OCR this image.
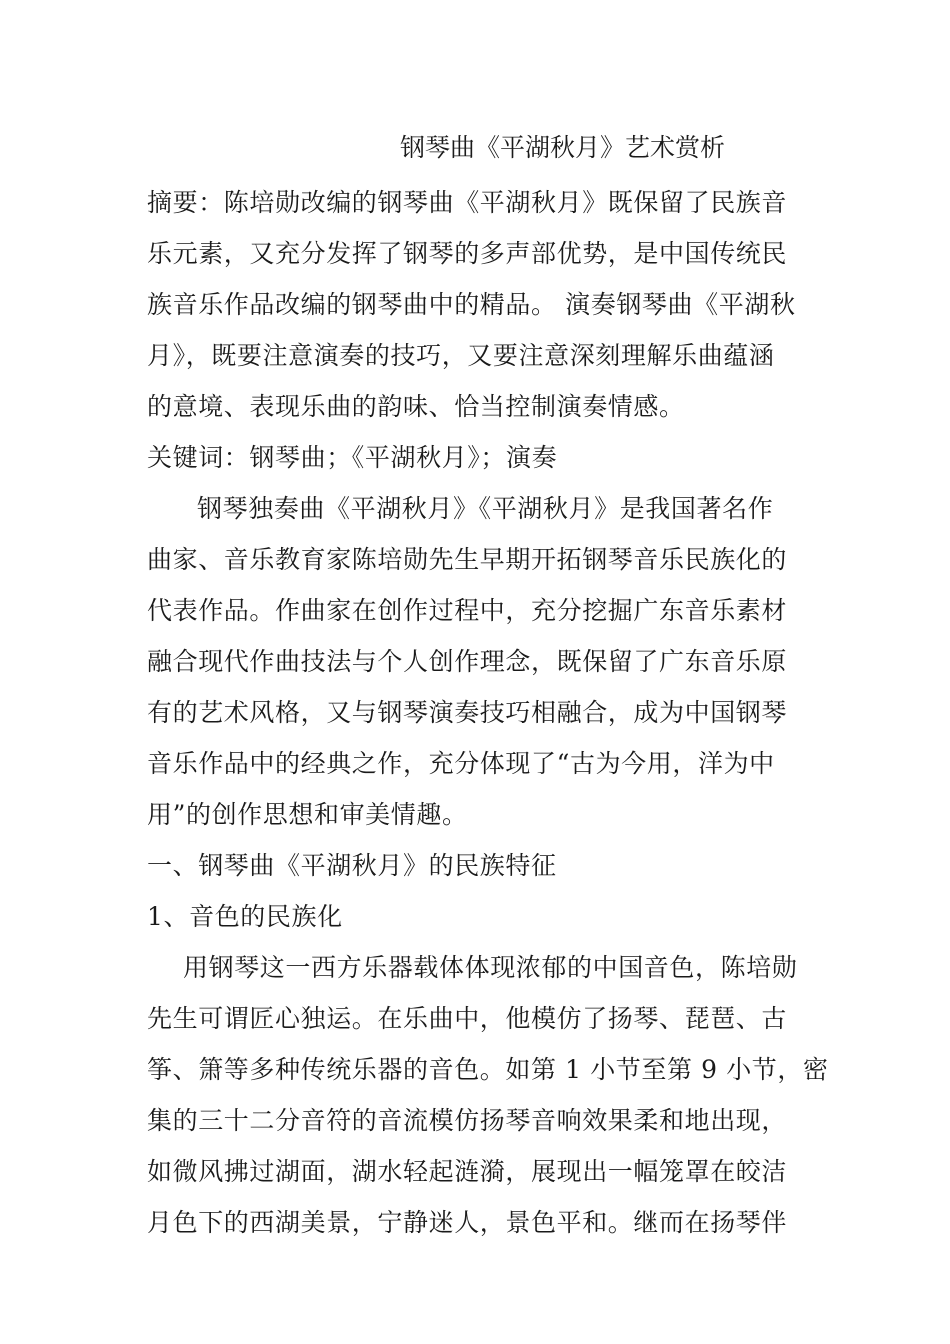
钢琴曲《平湖秋月》艺术赏析
摘要：陈培勋改编的钢琴曲《平湖秋月》既保留了民族音
乐元素，又充分发挥了钢琴的多声部优势，是中国传统民
族音乐作品改编的钢琴曲中的精品。 演奏钢琴曲《平湖秋
月》，既要注意演奏的技巧，又要注意深刻理解乐曲蕴涵
的意境、表现乐曲的韵味、恰当控制演奏情感。
关键词：钢琴曲；《平湖秋月》；演奏
钢琴独奏曲《平湖秋月》《平湖秋月》是我国著名作
曲家、音乐教育家陈培勋先生早期开拓钢琴音乐民族化的
代表作品。作曲家在创作过程中，充分挖掘广东音乐素材
融合现代作曲技法与个人创作理念，既保留了广东音乐原
有的艺术风格，又与钢琴演奏技巧相融合，成为中国钢琴
音乐作品中的经典之作，充分体现了“古为今用，洋为中
用”的创作思想和审美情趣。
一、钢琴曲《平湖秋月》的民族特征
1、音色的民族化
用钢琴这一西方乐器载体体现浓郁的中国音色，陈培勋
先生可谓匠心独运。在乐曲中，他模仿了扬琴、琵琶、古
筝、箫等多种传统乐器的音色。如第 1 小节至第 9 小节，密
集的三十二分音符的音流模仿扬琴音响效果柔和地出现，
如微风拂过湖面，湖水轻起涟漪，展现出一幅笼罩在皎洁
月色下的西湖美景，宁静迷人，景色平和。继而在扬琴伴
